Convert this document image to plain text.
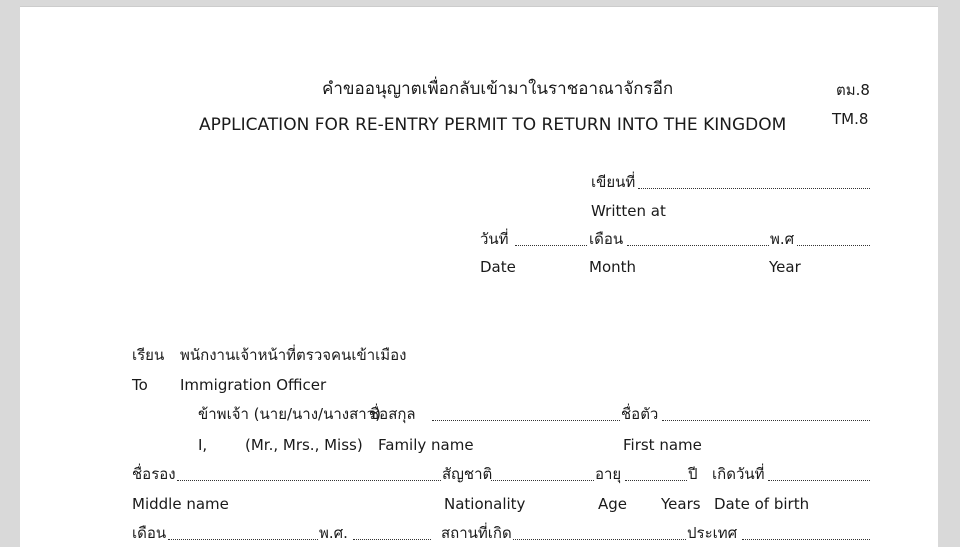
คำขออนุญาตเพื่อกลับเข้ามาในราชอาณาจักรอีก
APPLICATION FOR RE-ENTRY PERMIT TO RETURN INTO THE KINGDOM
ตม.8
TM.8
เขียนที่
Written at
วันที่	เดือน	พ.ศ
Date	Month	Year
เรียน พนักงานเจ้าหน้าที่ตรวจคนเข้าเมือง
To Immigration Officer
ข้าพเจ้า (นาย/นาง/นางสาว)
ชื่อสกุล	ชื่อตัว
I,	(Mr., Mrs., Miss) Family name	First name
ชื่อรอง	สัญชาติ	อายุ	ปี เกิดวันที่
Middle name	Nationality	Age Years Date of birth
เดือน	พ.ศ.	สถานที่เกิด	ประเทศ
